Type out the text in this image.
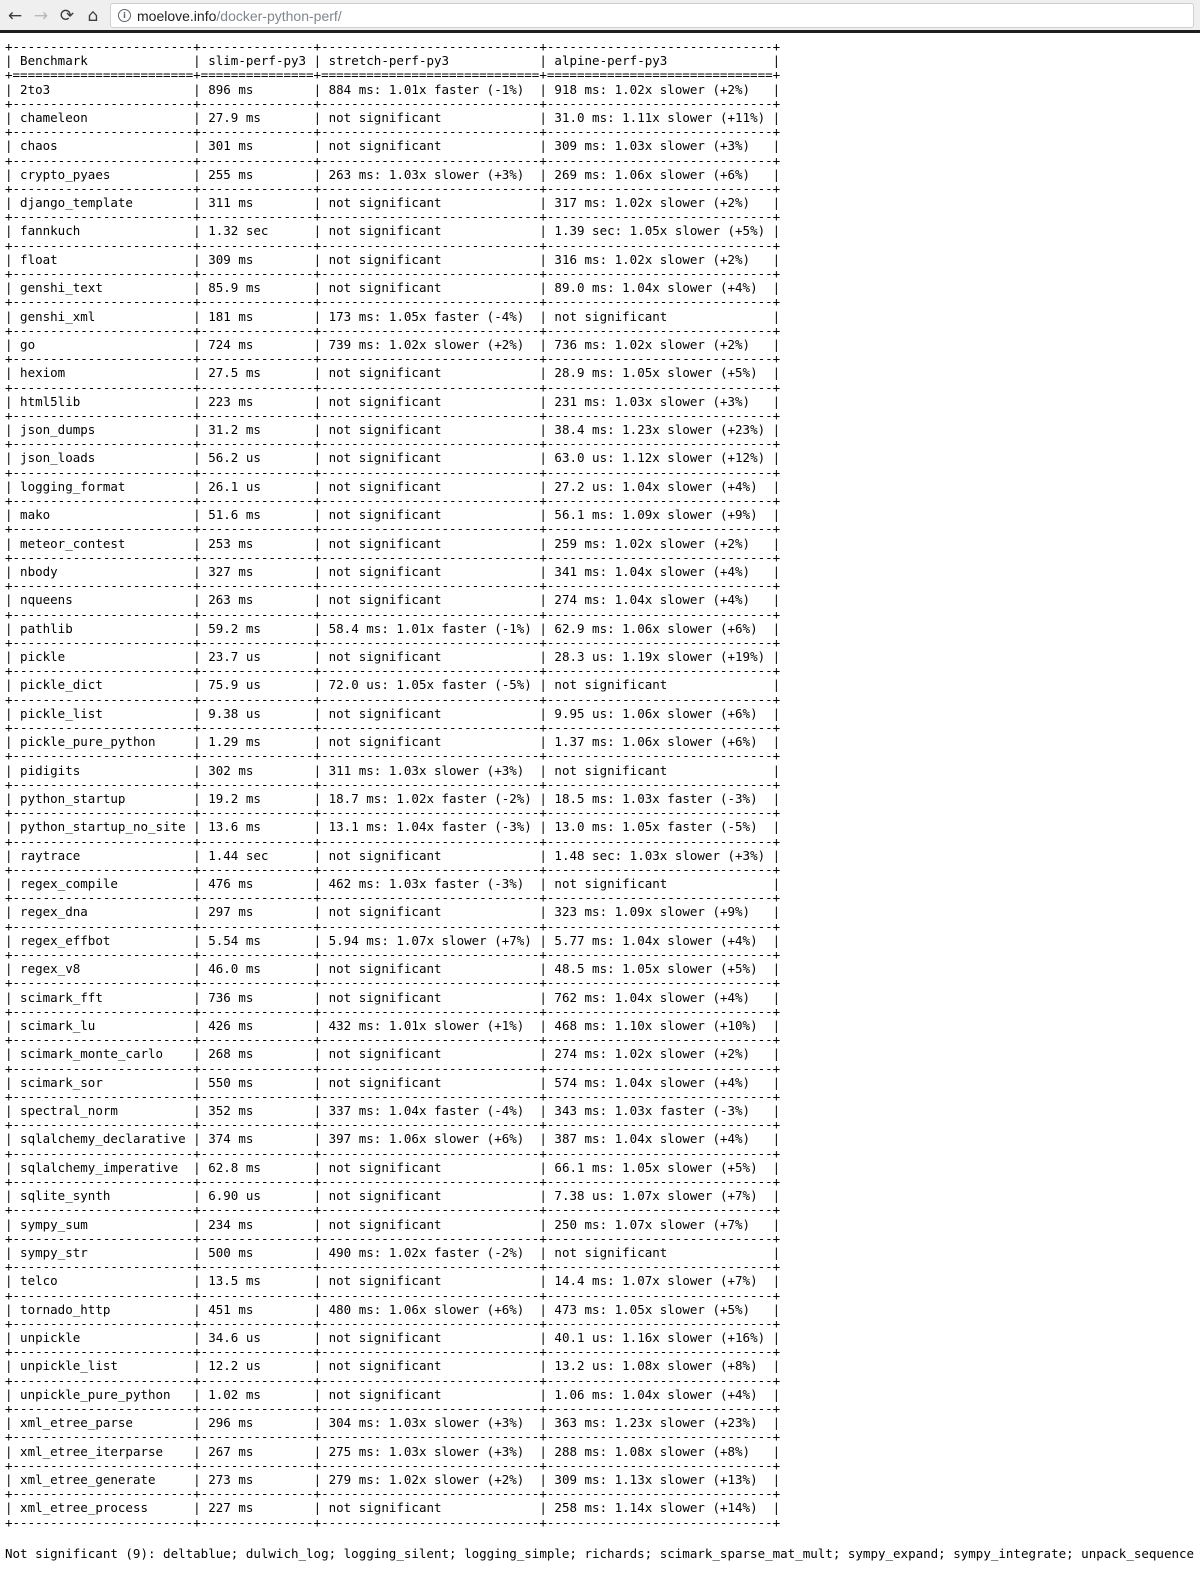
← → ⟳ ⌂	i moelove.info/docker-python-perf/
+------------------------+---------------+-----------------------------+------------------------------+
| Benchmark              | slim-perf-py3 | stretch-perf-py3            | alpine-perf-py3              |
+========================+===============+=============================+==============================+
| 2to3                   | 896 ms        | 884 ms: 1.01x faster (-1%)  | 918 ms: 1.02x slower (+2%)   |
+------------------------+---------------+-----------------------------+------------------------------+
| chameleon              | 27.9 ms       | not significant             | 31.0 ms: 1.11x slower (+11%) |
+------------------------+---------------+-----------------------------+------------------------------+
| chaos                  | 301 ms        | not significant             | 309 ms: 1.03x slower (+3%)   |
+------------------------+---------------+-----------------------------+------------------------------+
| crypto_pyaes           | 255 ms        | 263 ms: 1.03x slower (+3%)  | 269 ms: 1.06x slower (+6%)   |
+------------------------+---------------+-----------------------------+------------------------------+
| django_template        | 311 ms        | not significant             | 317 ms: 1.02x slower (+2%)   |
+------------------------+---------------+-----------------------------+------------------------------+
| fannkuch               | 1.32 sec      | not significant             | 1.39 sec: 1.05x slower (+5%) |
+------------------------+---------------+-----------------------------+------------------------------+
| float                  | 309 ms        | not significant             | 316 ms: 1.02x slower (+2%)   |
+------------------------+---------------+-----------------------------+------------------------------+
| genshi_text            | 85.9 ms       | not significant             | 89.0 ms: 1.04x slower (+4%)  |
+------------------------+---------------+-----------------------------+------------------------------+
| genshi_xml             | 181 ms        | 173 ms: 1.05x faster (-4%)  | not significant              |
+------------------------+---------------+-----------------------------+------------------------------+
| go                     | 724 ms        | 739 ms: 1.02x slower (+2%)  | 736 ms: 1.02x slower (+2%)   |
+------------------------+---------------+-----------------------------+------------------------------+
| hexiom                 | 27.5 ms       | not significant             | 28.9 ms: 1.05x slower (+5%)  |
+------------------------+---------------+-----------------------------+------------------------------+
| html5lib               | 223 ms        | not significant             | 231 ms: 1.03x slower (+3%)   |
+------------------------+---------------+-----------------------------+------------------------------+
| json_dumps             | 31.2 ms       | not significant             | 38.4 ms: 1.23x slower (+23%) |
+------------------------+---------------+-----------------------------+------------------------------+
| json_loads             | 56.2 us       | not significant             | 63.0 us: 1.12x slower (+12%) |
+------------------------+---------------+-----------------------------+------------------------------+
| logging_format         | 26.1 us       | not significant             | 27.2 us: 1.04x slower (+4%)  |
+------------------------+---------------+-----------------------------+------------------------------+
| mako                   | 51.6 ms       | not significant             | 56.1 ms: 1.09x slower (+9%)  |
+------------------------+---------------+-----------------------------+------------------------------+
| meteor_contest         | 253 ms        | not significant             | 259 ms: 1.02x slower (+2%)   |
+------------------------+---------------+-----------------------------+------------------------------+
| nbody                  | 327 ms        | not significant             | 341 ms: 1.04x slower (+4%)   |
+------------------------+---------------+-----------------------------+------------------------------+
| nqueens                | 263 ms        | not significant             | 274 ms: 1.04x slower (+4%)   |
+------------------------+---------------+-----------------------------+------------------------------+
| pathlib                | 59.2 ms       | 58.4 ms: 1.01x faster (-1%) | 62.9 ms: 1.06x slower (+6%)  |
+------------------------+---------------+-----------------------------+------------------------------+
| pickle                 | 23.7 us       | not significant             | 28.3 us: 1.19x slower (+19%) |
+------------------------+---------------+-----------------------------+------------------------------+
| pickle_dict            | 75.9 us       | 72.0 us: 1.05x faster (-5%) | not significant              |
+------------------------+---------------+-----------------------------+------------------------------+
| pickle_list            | 9.38 us       | not significant             | 9.95 us: 1.06x slower (+6%)  |
+------------------------+---------------+-----------------------------+------------------------------+
| pickle_pure_python     | 1.29 ms       | not significant             | 1.37 ms: 1.06x slower (+6%)  |
+------------------------+---------------+-----------------------------+------------------------------+
| pidigits               | 302 ms        | 311 ms: 1.03x slower (+3%)  | not significant              |
+------------------------+---------------+-----------------------------+------------------------------+
| python_startup         | 19.2 ms       | 18.7 ms: 1.02x faster (-2%) | 18.5 ms: 1.03x faster (-3%)  |
+------------------------+---------------+-----------------------------+------------------------------+
| python_startup_no_site | 13.6 ms       | 13.1 ms: 1.04x faster (-3%) | 13.0 ms: 1.05x faster (-5%)  |
+------------------------+---------------+-----------------------------+------------------------------+
| raytrace               | 1.44 sec      | not significant             | 1.48 sec: 1.03x slower (+3%) |
+------------------------+---------------+-----------------------------+------------------------------+
| regex_compile          | 476 ms        | 462 ms: 1.03x faster (-3%)  | not significant              |
+------------------------+---------------+-----------------------------+------------------------------+
| regex_dna              | 297 ms        | not significant             | 323 ms: 1.09x slower (+9%)   |
+------------------------+---------------+-----------------------------+------------------------------+
| regex_effbot           | 5.54 ms       | 5.94 ms: 1.07x slower (+7%) | 5.77 ms: 1.04x slower (+4%)  |
+------------------------+---------------+-----------------------------+------------------------------+
| regex_v8               | 46.0 ms       | not significant             | 48.5 ms: 1.05x slower (+5%)  |
+------------------------+---------------+-----------------------------+------------------------------+
| scimark_fft            | 736 ms        | not significant             | 762 ms: 1.04x slower (+4%)   |
+------------------------+---------------+-----------------------------+------------------------------+
| scimark_lu             | 426 ms        | 432 ms: 1.01x slower (+1%)  | 468 ms: 1.10x slower (+10%)  |
+------------------------+---------------+-----------------------------+------------------------------+
| scimark_monte_carlo    | 268 ms        | not significant             | 274 ms: 1.02x slower (+2%)   |
+------------------------+---------------+-----------------------------+------------------------------+
| scimark_sor            | 550 ms        | not significant             | 574 ms: 1.04x slower (+4%)   |
+------------------------+---------------+-----------------------------+------------------------------+
| spectral_norm          | 352 ms        | 337 ms: 1.04x faster (-4%)  | 343 ms: 1.03x faster (-3%)   |
+------------------------+---------------+-----------------------------+------------------------------+
| sqlalchemy_declarative | 374 ms        | 397 ms: 1.06x slower (+6%)  | 387 ms: 1.04x slower (+4%)   |
+------------------------+---------------+-----------------------------+------------------------------+
| sqlalchemy_imperative  | 62.8 ms       | not significant             | 66.1 ms: 1.05x slower (+5%)  |
+------------------------+---------------+-----------------------------+------------------------------+
| sqlite_synth           | 6.90 us       | not significant             | 7.38 us: 1.07x slower (+7%)  |
+------------------------+---------------+-----------------------------+------------------------------+
| sympy_sum              | 234 ms        | not significant             | 250 ms: 1.07x slower (+7%)   |
+------------------------+---------------+-----------------------------+------------------------------+
| sympy_str              | 500 ms        | 490 ms: 1.02x faster (-2%)  | not significant              |
+------------------------+---------------+-----------------------------+------------------------------+
| telco                  | 13.5 ms       | not significant             | 14.4 ms: 1.07x slower (+7%)  |
+------------------------+---------------+-----------------------------+------------------------------+
| tornado_http           | 451 ms        | 480 ms: 1.06x slower (+6%)  | 473 ms: 1.05x slower (+5%)   |
+------------------------+---------------+-----------------------------+------------------------------+
| unpickle               | 34.6 us       | not significant             | 40.1 us: 1.16x slower (+16%) |
+------------------------+---------------+-----------------------------+------------------------------+
| unpickle_list          | 12.2 us       | not significant             | 13.2 us: 1.08x slower (+8%)  |
+------------------------+---------------+-----------------------------+------------------------------+
| unpickle_pure_python   | 1.02 ms       | not significant             | 1.06 ms: 1.04x slower (+4%)  |
+------------------------+---------------+-----------------------------+------------------------------+
| xml_etree_parse        | 296 ms        | 304 ms: 1.03x slower (+3%)  | 363 ms: 1.23x slower (+23%)  |
+------------------------+---------------+-----------------------------+------------------------------+
| xml_etree_iterparse    | 267 ms        | 275 ms: 1.03x slower (+3%)  | 288 ms: 1.08x slower (+8%)   |
+------------------------+---------------+-----------------------------+------------------------------+
| xml_etree_generate     | 273 ms        | 279 ms: 1.02x slower (+2%)  | 309 ms: 1.13x slower (+13%)  |
+------------------------+---------------+-----------------------------+------------------------------+
| xml_etree_process      | 227 ms        | not significant             | 258 ms: 1.14x slower (+14%)  |
+------------------------+---------------+-----------------------------+------------------------------+
Not significant (9): deltablue; dulwich_log; logging_silent; logging_simple; richards; scimark_sparse_mat_mult; sympy_expand; sympy_integrate; unpack_sequence
